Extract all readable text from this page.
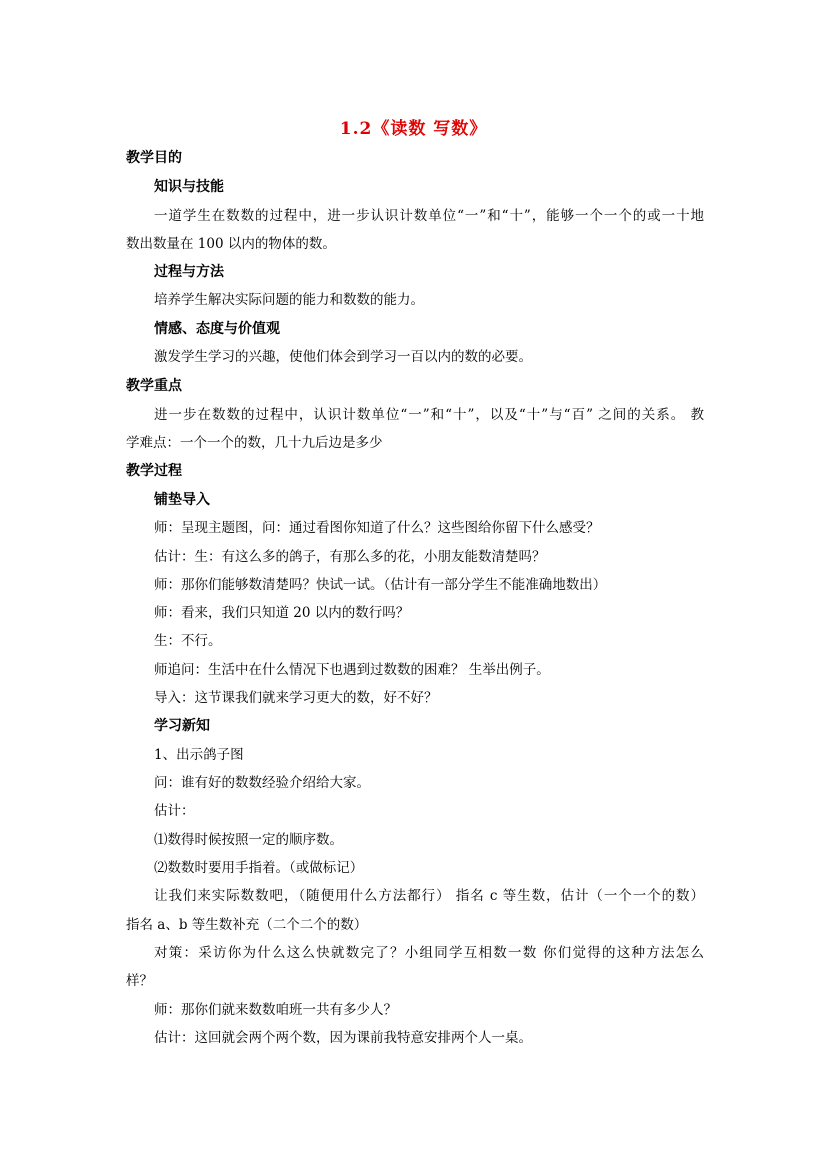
1.2《读数 写数》
教学目的
知识与技能
一道学生在数数的过程中，进一步认识计数单位“一”和“十”，能够一个一个的或一十地
数出数量在 100 以内的物体的数。
过程与方法
培养学生解决实际问题的能力和数数的能力。
情感、态度与价值观
激发学生学习的兴趣，使他们体会到学习一百以内的数的必要。
教学重点
进一步在数数的过程中，认识计数单位“一”和“十”，以及“十”与“百” 之间的关系。 教
学难点：一个一个的数，几十九后边是多少
教学过程
铺垫导入
师：呈现主题图，问：通过看图你知道了什么？这些图给你留下什么感受？
估计：生：有这么多的鸽子，有那么多的花，小朋友能数清楚吗？
师：那你们能够数清楚吗？快试一试。（估计有一部分学生不能准确地数出）
师：看来，我们只知道 20 以内的数行吗？
生：不行。
师追问：生活中在什么情况下也遇到过数数的困难？ 生举出例子。
导入：这节课我们就来学习更大的数，好不好？
学习新知
1、出示鸽子图
问：谁有好的数数经验介绍给大家。
估计：
⑴数得时候按照一定的顺序数。
⑵数数时要用手指着。（或做标记）
让我们来实际数数吧，（随便用什么方法都行） 指名 c 等生数，估计（一个一个的数）
指名 a、b 等生数补充（二个二个的数）
对策：采访你为什么这么快就数完了？小组同学互相数一数 你们觉得的这种方法怎么
样？
师：那你们就来数数咱班一共有多少人？
估计：这回就会两个两个数，因为课前我特意安排两个人一桌。
